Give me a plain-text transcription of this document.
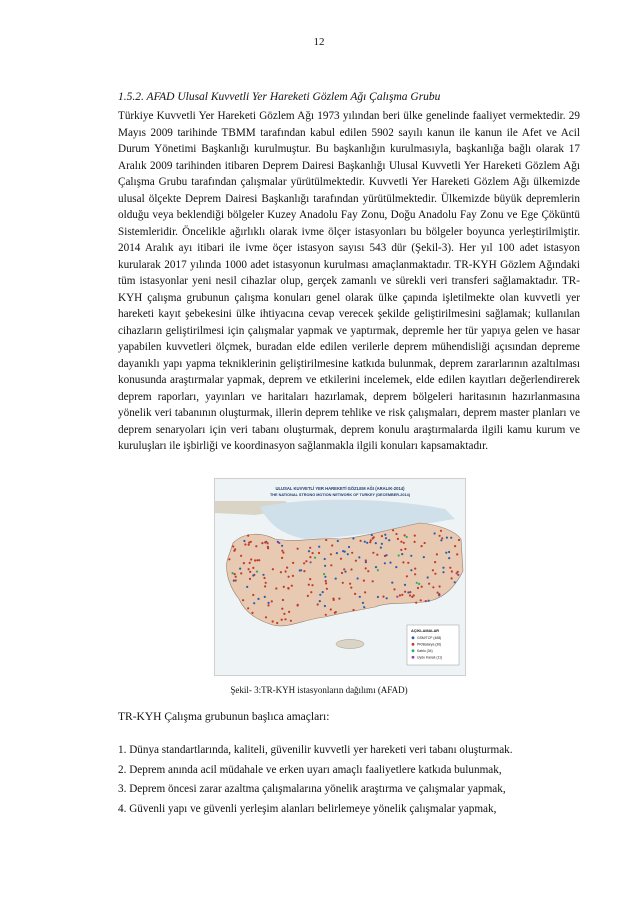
12
1.5.2. AFAD Ulusal Kuvvetli Yer Hareketi Gözlem Ağı Çalışma Grubu

Türkiye Kuvvetli Yer Hareketi Gözlem Ağı 1973 yılından beri ülke genelinde faaliyet vermektedir. 29 Mayıs 2009 tarihinde TBMM tarafından kabul edilen 5902 sayılı kanun ile kanun ile Afet ve Acil Durum Yönetimi Başkanlığı kurulmuştur. Bu başkanlığın kurulmasıyla, başkanlığa bağlı olarak 17 Aralık 2009 tarihinden itibaren Deprem Dairesi Başkanlığı Ulusal Kuvvetli Yer Hareketi Gözlem Ağı Çalışma Grubu tarafından çalışmalar yürütülmektedir. Kuvvetli Yer Hareketi Gözlem Ağı ülkemizde ulusal ölçekte Deprem Dairesi Başkanlığı tarafından yürütülmektedir. Ülkemizde büyük depremlerin olduğu veya beklendiği bölgeler Kuzey Anadolu Fay Zonu, Doğu Anadolu Fay Zonu ve Ege Çöküntü Sistemleridir. Öncelikle ağırlıklı olarak ivme ölçer istasyonları bu bölgeler boyunca yerleştirilmiştir. 2014 Aralık ayı itibari ile ivme öçer istasyon sayısı 543 dür (Şekil-3). Her yıl 100 adet istasyon kurularak 2017 yılında 1000 adet istasyonun kurulması amaçlanmaktadır. TR-KYH Gözlem Ağındaki tüm istasyonlar yeni nesil cihazlar olup, gerçek zamanlı ve sürekli veri transferi sağlamaktadır. TR-KYH çalışma grubunun çalışma konuları genel olarak ülke çapında işletilmekte olan kuvvetli yer hareketi kayıt şebekesini ülke ihtiyacına cevap verecek şekilde geliştirilmesini sağlamak; kullanılan cihazların geliştirilmesi için çalışmalar yapmak ve yaptırmak, depremle her tür yapıya gelen ve hasar yapabilen kuvvetleri ölçmek, buradan elde edilen verilerle deprem mühendisliği açısından depreme dayanıklı yapı yapma tekniklerinin geliştirilmesine katkıda bulunmak, deprem zararlarının azaltılması konusunda araştırmalar yapmak, deprem ve etkilerini incelemek, elde edilen kayıtları değerlendirerek deprem raporları, yayınları ve haritaları hazırlamak, deprem bölgeleri haritasının hazırlanmasına yönelik veri tabanının oluşturmak, illerin deprem tehlike ve risk çalışmaları, deprem master planları ve deprem senaryoları için veri tabanı oluşturmak, deprem konulu araştırmalarda ilgili kamu kurum ve kuruluşları ile işbirliği ve koordinasyon sağlanmakla ilgili konuları kapsamaktadır.

ULUSAL KUVVETLİ YER HAREKETİ GÖZLEM AĞI (ARALIK-2014)
THE NATIONAL STRONG MOTION NETWORK OF TURKEY (DECEMBER-2014)
AÇIKLAMALAR
GSM/TCP (468)
PR/Batarya (30)
Kablo (34)
Uydu Kanalı (11)
Şekil- 3:TR-KYH istasyonların dağılımı (AFAD)
TR-KYH Çalışma grubunun başlıca amaçları:
1. Dünya standartlarında, kaliteli, güvenilir kuvvetli yer hareketi veri tabanı oluşturmak.
2. Deprem anında acil müdahale ve erken uyarı amaçlı faaliyetlere katkıda bulunmak,
3. Deprem öncesi zarar azaltma çalışmalarına yönelik araştırma ve çalışmalar yapmak,
4. Güvenli yapı ve güvenli yerleşim alanları belirlemeye yönelik çalışmalar yapmak,
